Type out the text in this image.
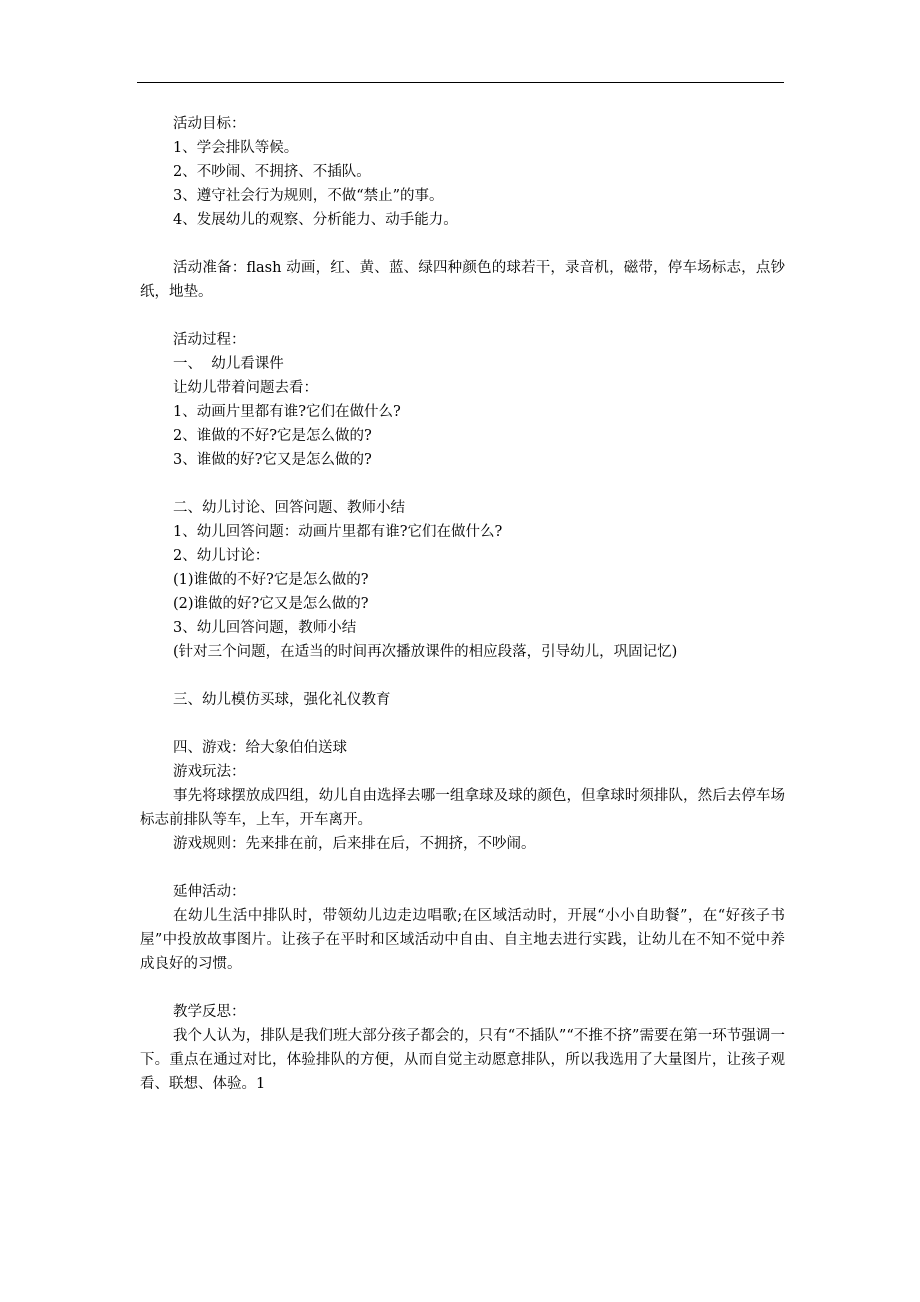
活动目标：
1、学会排队等候。
2、不吵闹、不拥挤、不插队。
3、遵守社会行为规则，不做“禁止”的事。
4、发展幼儿的观察、分析能力、动手能力。
活动准备：flash 动画，红、黄、蓝、绿四种颜色的球若干，录音机，磁带，停车场标志，点钞纸，地垫。
活动过程：
一、  幼儿看课件
让幼儿带着问题去看：
1、动画片里都有谁?它们在做什么?
2、谁做的不好?它是怎么做的?
3、谁做的好?它又是怎么做的?
二、幼儿讨论、回答问题、教师小结
1、幼儿回答问题：动画片里都有谁?它们在做什么?
2、幼儿讨论：
(1)谁做的不好?它是怎么做的?
(2)谁做的好?它又是怎么做的?
3、幼儿回答问题，教师小结
(针对三个问题，在适当的时间再次播放课件的相应段落，引导幼儿，巩固记忆)
三、幼儿模仿买球，强化礼仪教育
四、游戏：给大象伯伯送球
游戏玩法：
事先将球摆放成四组，幼儿自由选择去哪一组拿球及球的颜色，但拿球时须排队，然后去停车场标志前排队等车，上车，开车离开。
游戏规则：先来排在前，后来排在后，不拥挤，不吵闹。
延伸活动：
在幼儿生活中排队时，带领幼儿边走边唱歌;在区域活动时，开展“小小自助餐”，在“好孩子书屋”中投放故事图片。让孩子在平时和区域活动中自由、自主地去进行实践，让幼儿在不知不觉中养成良好的习惯。
教学反思：
我个人认为，排队是我们班大部分孩子都会的，只有“不插队”“不推不挤”需要在第一环节强调一下。重点在通过对比，体验排队的方便，从而自觉主动愿意排队，所以我选用了大量图片，让孩子观看、联想、体验。1
